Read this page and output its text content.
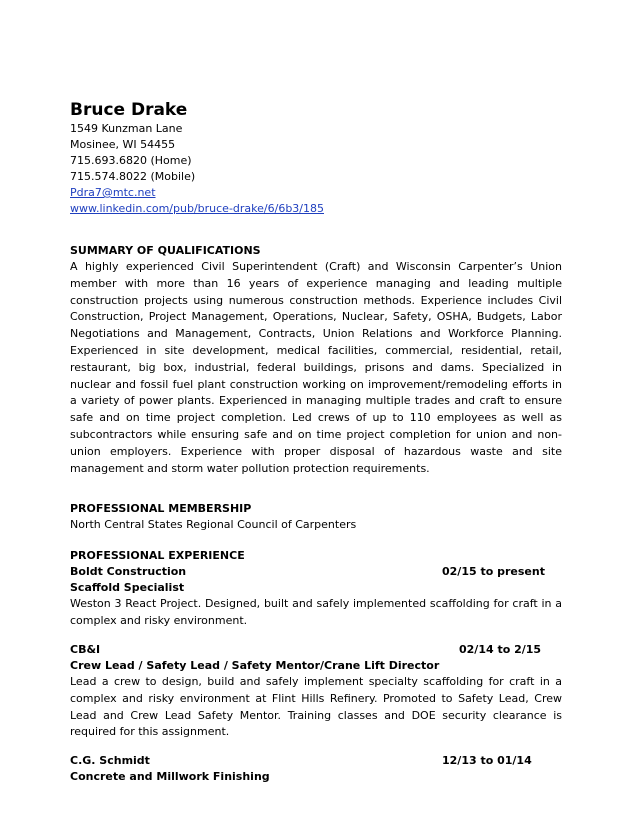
Bruce Drake

1549 Kunzman Lane

Mosinee, WI 54455

715.693.6820 (Home)

715.574.8022 (Mobile)

Pdra7@mtc.net
www.linkedin.com/pub/bruce-drake/6/6b3/185

SUMMARY OF QUALIFICATIONS

A highly experienced Civil Superintendent (Craft) and Wisconsin Carpenter’s Union member with more than 16 years of experience managing and leading multiple construction projects using numerous construction methods. Experience includes Civil Construction, Project Management, Operations, Nuclear, Safety, OSHA, Budgets, Labor Negotiations and Management, Contracts, Union Relations and Workforce Planning. Experienced in site development, medical facilities, commercial, residential, retail, restaurant, big box, industrial, federal buildings, prisons and dams. Specialized in nuclear and fossil fuel plant construction working on improvement/remodeling efforts in a variety of power plants. Experienced in managing multiple trades and craft to ensure safe and on time project completion. Led crews of up to 110 employees as well as subcontractors while ensuring safe and on time project completion for union and non-union employers. Experience with proper disposal of hazardous waste and site management and storm water pollution protection requirements.

PROFESSIONAL MEMBERSHIP

North Central States Regional Council of Carpenters

PROFESSIONAL EXPERIENCE

Boldt Construction	02/15 to present

Scaffold Specialist

Weston 3 React Project. Designed, built and safely implemented scaffolding for craft in a complex and risky environment.

CB&I	02/14 to 2/15

Crew Lead / Safety Lead / Safety Mentor/Crane Lift Director

Lead a crew to design, build and safely implement specialty scaffolding for craft in a complex and risky environment at Flint Hills Refinery. Promoted to Safety Lead, Crew Lead and Crew Lead Safety Mentor. Training classes and DOE security clearance is required for this assignment.

C.G. Schmidt	12/13 to 01/14

Concrete and Millwork Finishing
